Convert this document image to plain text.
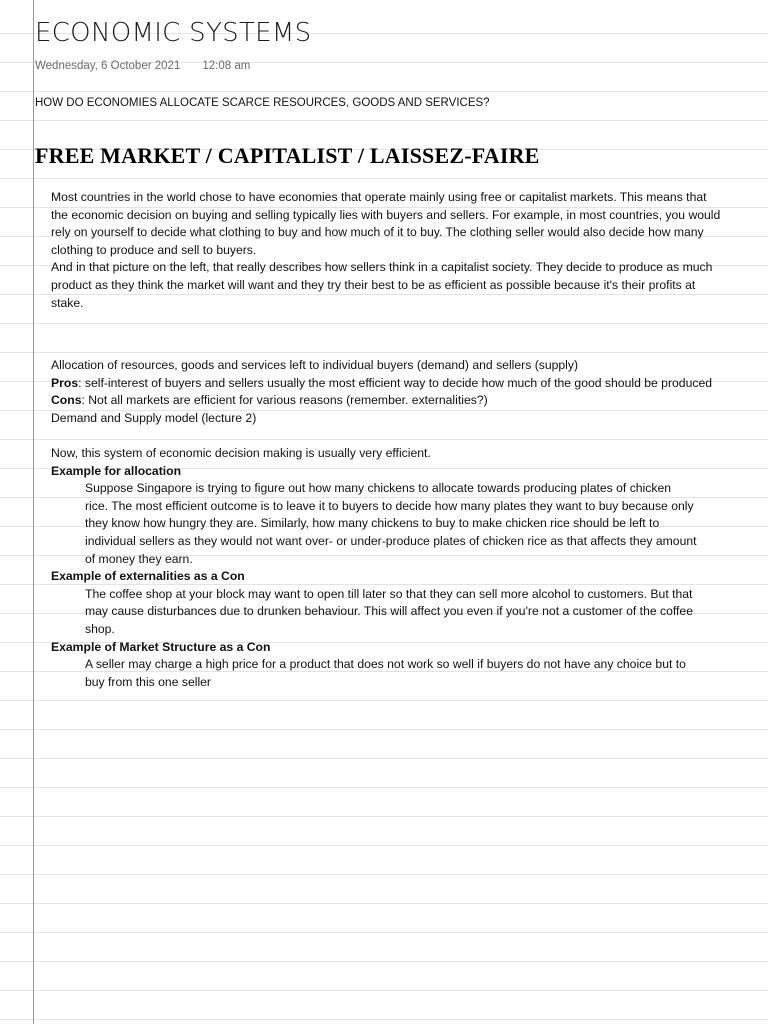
ECONOMIC SYSTEMS
Wednesday, 6 October 2021 12:08 am
HOW DO ECONOMIES ALLOCATE SCARCE RESOURCES, GOODS AND SERVICES?
FREE MARKET / CAPITALIST / LAISSEZ-FAIRE

Most countries in the world chose to have economies that operate mainly using free or capitalist markets. This means that the economic decision on buying and selling typically lies with buyers and sellers. For example, in most countries, you would rely on yourself to decide what clothing to buy and how much of it to buy. The clothing seller would also decide how many clothing to produce and sell to buyers.

And in that picture on the left, that really describes how sellers think in a capitalist society. They decide to produce as much product as they think the market will want and they try their best to be as efficient as possible because it's their profits at stake.

Allocation of resources, goods and services left to individual buyers (demand) and sellers (supply)

Pros: self-interest of buyers and sellers usually the most efficient way to decide how much of the good should be produced

Cons: Not all markets are efficient for various reasons (remember. externalities?)

Demand and Supply model (lecture 2)

Now, this system of economic decision making is usually very efficient.

Example for allocation

Suppose Singapore is trying to figure out how many chickens to allocate towards producing plates of chicken rice. The most efficient outcome is to leave it to buyers to decide how many plates they want to buy because only they know how hungry they are. Similarly, how many chickens to buy to make chicken rice should be left to individual sellers as they would not want over- or under-produce plates of chicken rice as that affects they amount of money they earn.

Example of externalities as a Con

The coffee shop at your block may want to open till later so that they can sell more alcohol to customers. But that may cause disturbances due to drunken behaviour. This will affect you even if you're not a customer of the coffee shop.

Example of Market Structure as a Con

A seller may charge a high price for a product that does not work so well if buyers do not have any choice but to buy from this one seller
